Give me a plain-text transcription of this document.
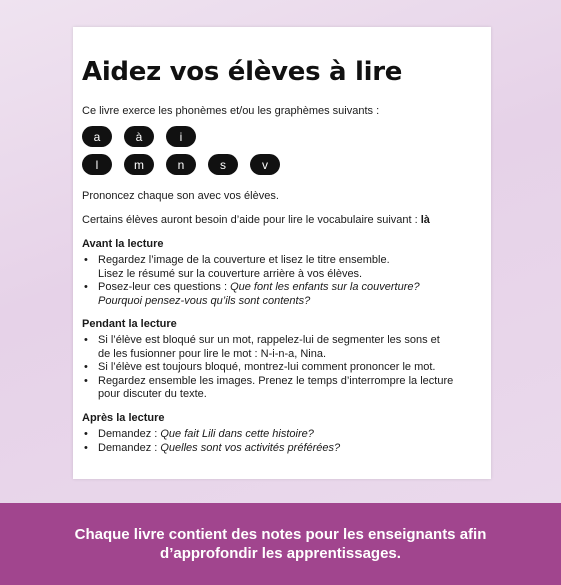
Aidez vos élèves à lire
Ce livre exerce les phonèmes et/ou les graphèmes suivants :
a	à	i
l	m	n	s	v
Prononcez chaque son avec vos élèves.
Certains élèves auront besoin d’aide pour lire le vocabulaire suivant : là
Avant la lecture
• Regardez l’image de la couverture et lisez le titre ensemble.
Lisez le résumé sur la couverture arrière à vos élèves.
• Posez-leur ces questions : Que font les enfants sur la couverture?
Pourquoi pensez-vous qu’ils sont contents?
Pendant la lecture
• Si l’élève est bloqué sur un mot, rappelez-lui de segmenter les sons et
de les fusionner pour lire le mot : N-i-n-a, Nina.
• Si l’élève est toujours bloqué, montrez-lui comment prononcer le mot.
• Regardez ensemble les images. Prenez le temps d’interrompre la lecture
pour discuter du texte.
Après la lecture
• Demandez : Que fait Lili dans cette histoire?
• Demandez : Quelles sont vos activités préférées?

Chaque livre contient des notes pour les enseignants afin d’approfondir les apprentissages.
